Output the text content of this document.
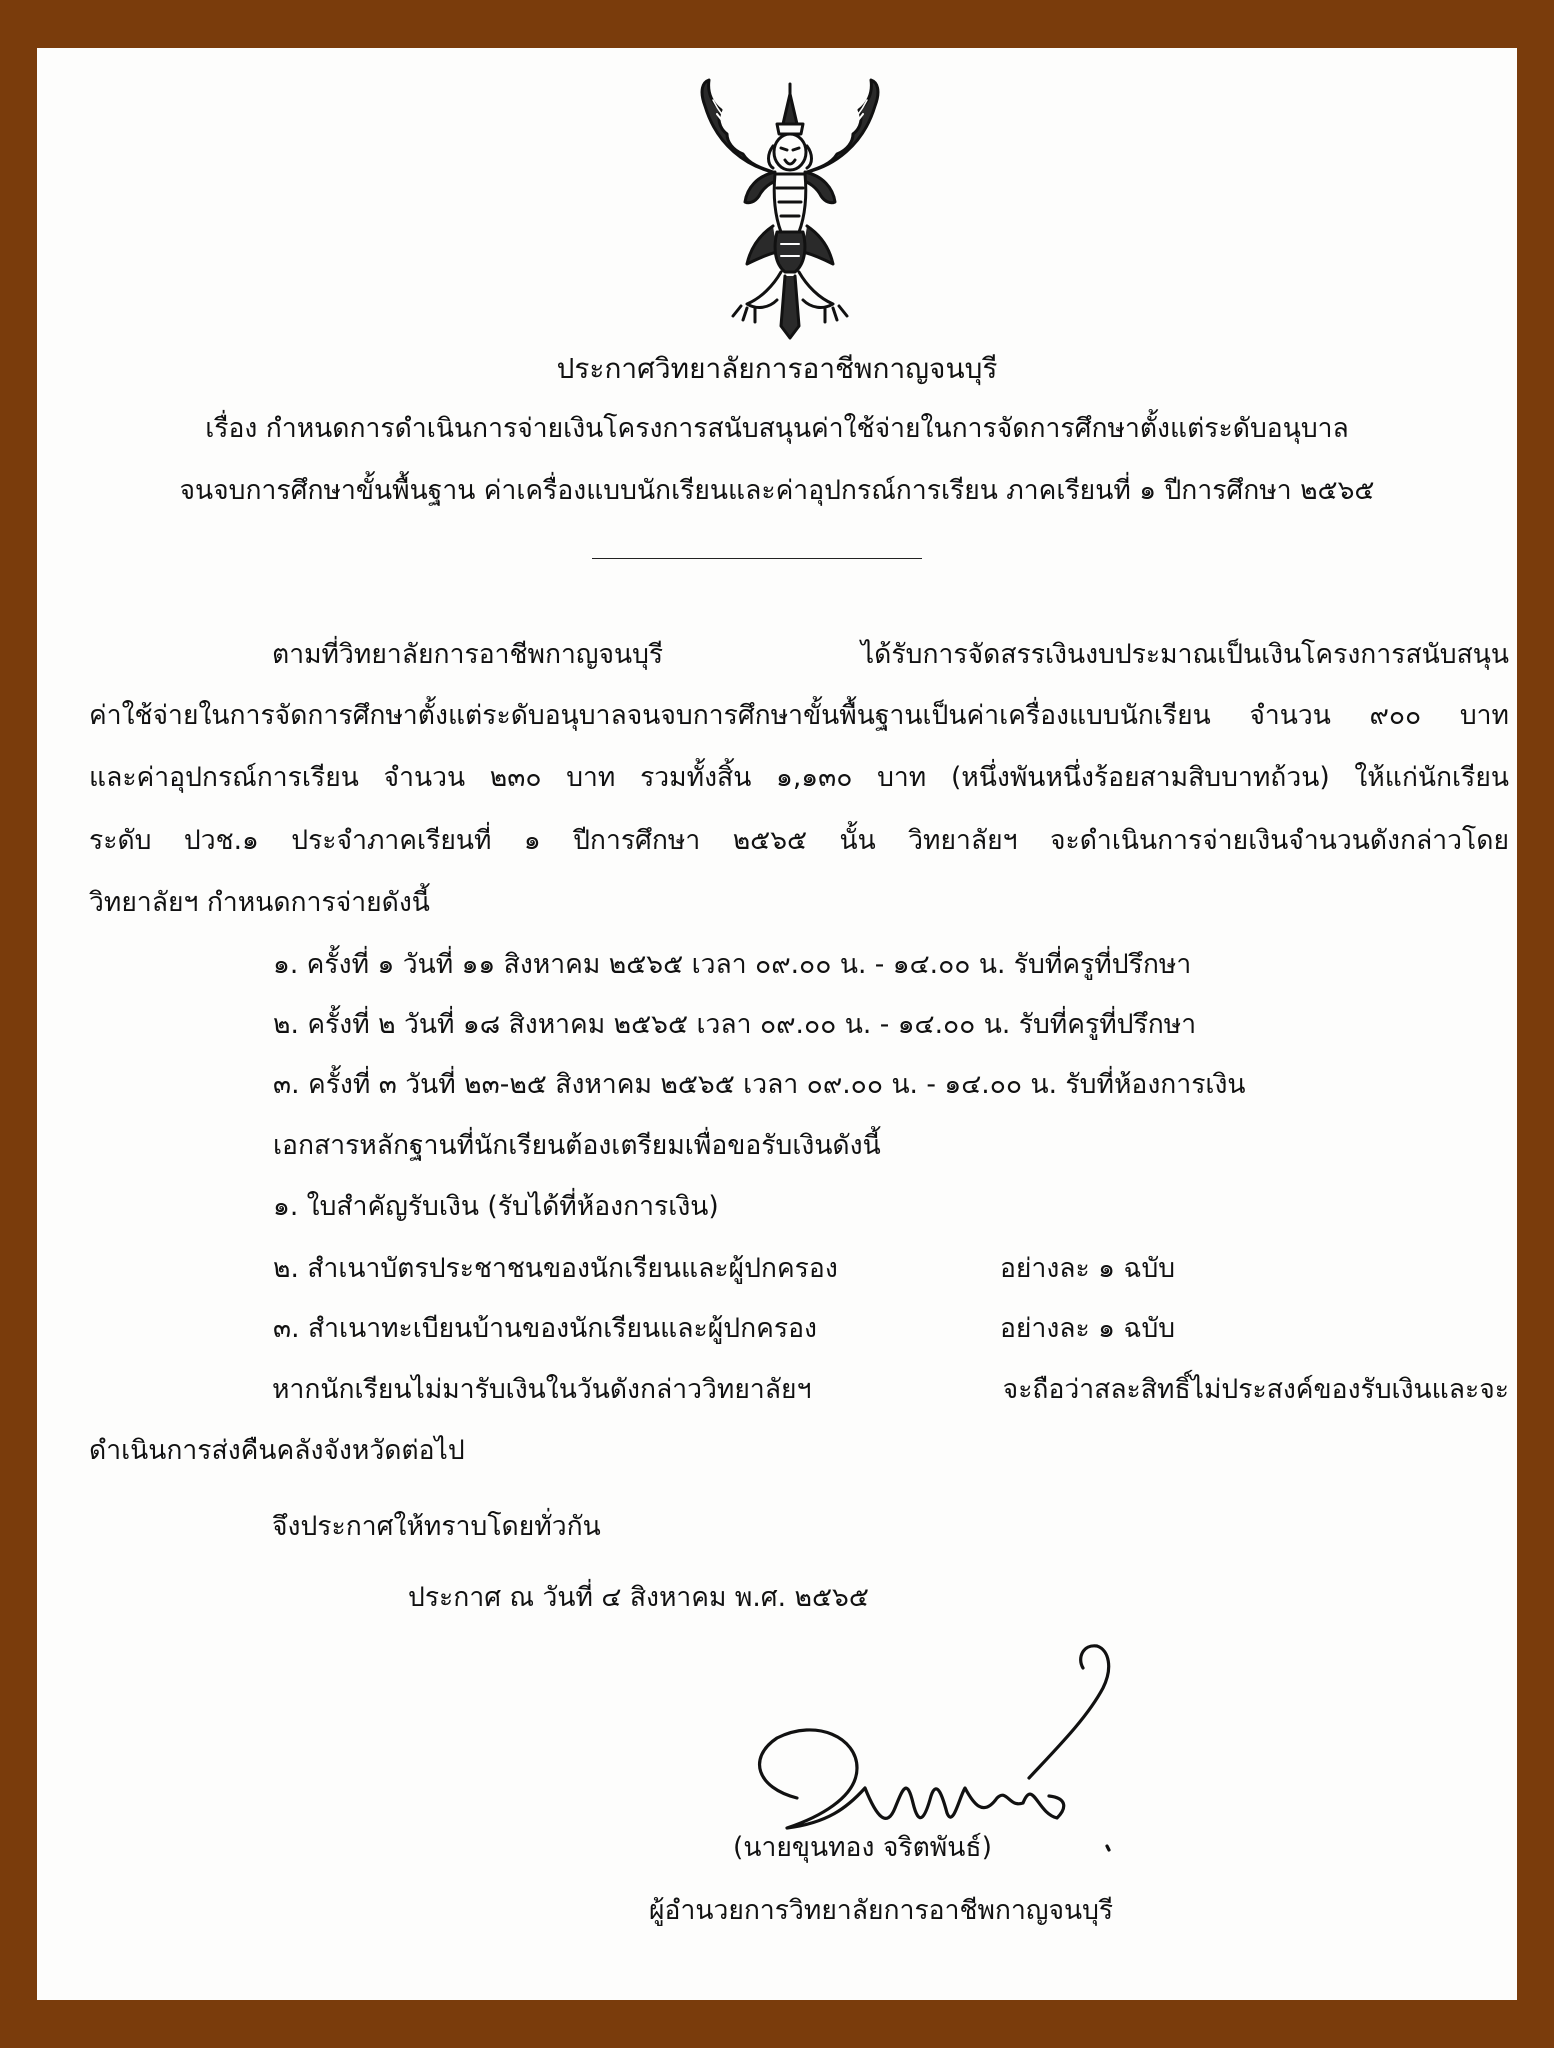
ประกาศวิทยาลัยการอาชีพกาญจนบุรี
เรื่อง กำหนดการดำเนินการจ่ายเงินโครงการสนับสนุนค่าใช้จ่ายในการจัดการศึกษาตั้งแต่ระดับอนุบาล
จนจบการศึกษาขั้นพื้นฐาน ค่าเครื่องแบบนักเรียนและค่าอุปกรณ์การเรียน ภาคเรียนที่ ๑ ปีการศึกษา ๒๕๖๕
ตามที่วิทยาลัยการอาชีพกาญจนบุรี ได้รับการจัดสรรเงินงบประมาณเป็นเงินโครงการสนับสนุน
ค่าใช้จ่ายในการจัดการศึกษาตั้งแต่ระดับอนุบาลจนจบการศึกษาขั้นพื้นฐานเป็นค่าเครื่องแบบนักเรียน จำนวน ๙๐๐ บาท
และค่าอุปกรณ์การเรียน จำนวน ๒๓๐ บาท รวมทั้งสิ้น ๑,๑๓๐ บาท (หนึ่งพันหนึ่งร้อยสามสิบบาทถ้วน) ให้แก่นักเรียน
ระดับ ปวช.๑ ประจำภาคเรียนที่ ๑ ปีการศึกษา ๒๕๖๕ นั้น วิทยาลัยฯ จะดำเนินการจ่ายเงินจำนวนดังกล่าวโดย
วิทยาลัยฯ กำหนดการจ่ายดังนี้
๑. ครั้งที่ ๑ วันที่ ๑๑ สิงหาคม ๒๕๖๕ เวลา ๐๙.๐๐ น. - ๑๔.๐๐ น. รับที่ครูที่ปรึกษา
๒. ครั้งที่ ๒ วันที่ ๑๘ สิงหาคม ๒๕๖๕ เวลา ๐๙.๐๐ น. - ๑๔.๐๐ น. รับที่ครูที่ปรึกษา
๓. ครั้งที่ ๓ วันที่ ๒๓-๒๕ สิงหาคม ๒๕๖๕ เวลา ๐๙.๐๐ น. - ๑๔.๐๐ น. รับที่ห้องการเงิน
เอกสารหลักฐานที่นักเรียนต้องเตรียมเพื่อขอรับเงินดังนี้
๑. ใบสำคัญรับเงิน (รับได้ที่ห้องการเงิน)
๒. สำเนาบัตรประชาชนของนักเรียนและผู้ปกครอง	อย่างละ ๑ ฉบับ
๓. สำเนาทะเบียนบ้านของนักเรียนและผู้ปกครอง	อย่างละ ๑ ฉบับ
หากนักเรียนไม่มารับเงินในวันดังกล่าววิทยาลัยฯ จะถือว่าสละสิทธิ์ไม่ประสงค์ของรับเงินและจะ
ดำเนินการส่งคืนคลังจังหวัดต่อไป
จึงประกาศให้ทราบโดยทั่วกัน
ประกาศ ณ วันที่ ๔ สิงหาคม พ.ศ. ๒๕๖๕
(นายขุนทอง จริตพันธ์)
ผู้อำนวยการวิทยาลัยการอาชีพกาญจนบุรี
